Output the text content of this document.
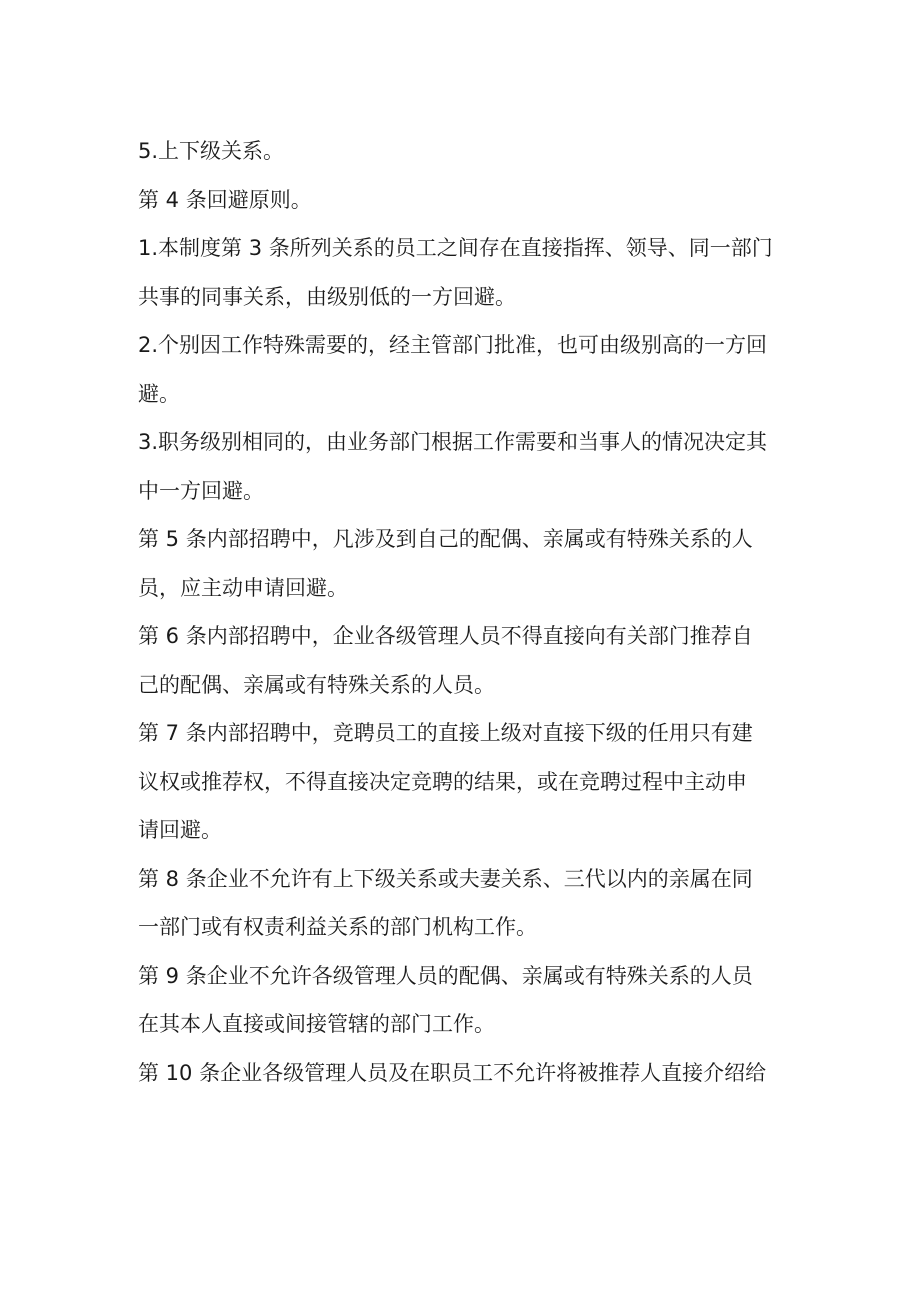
5.上下级关系。

第 4 条回避原则。

1.本制度第 3 条所列关系的员工之间存在直接指挥、领导、同一部门
共事的同事关系，由级别低的一方回避。

2.个别因工作特殊需要的，经主管部门批准，也可由级别高的一方回
避。

3.职务级别相同的，由业务部门根据工作需要和当事人的情况决定其
中一方回避。

第 5 条内部招聘中，凡涉及到自己的配偶、亲属或有特殊关系的人
员，应主动申请回避。

第 6 条内部招聘中，企业各级管理人员不得直接向有关部门推荐自
己的配偶、亲属或有特殊关系的人员。

第 7 条内部招聘中，竞聘员工的直接上级对直接下级的任用只有建
议权或推荐权，不得直接决定竞聘的结果，或在竞聘过程中主动申
请回避。

第 8 条企业不允许有上下级关系或夫妻关系、三代以内的亲属在同
一部门或有权责利益关系的部门机构工作。

第 9 条企业不允许各级管理人员的配偶、亲属或有特殊关系的人员
在其本人直接或间接管辖的部门工作。

第 10 条企业各级管理人员及在职员工不允许将被推荐人直接介绍给
